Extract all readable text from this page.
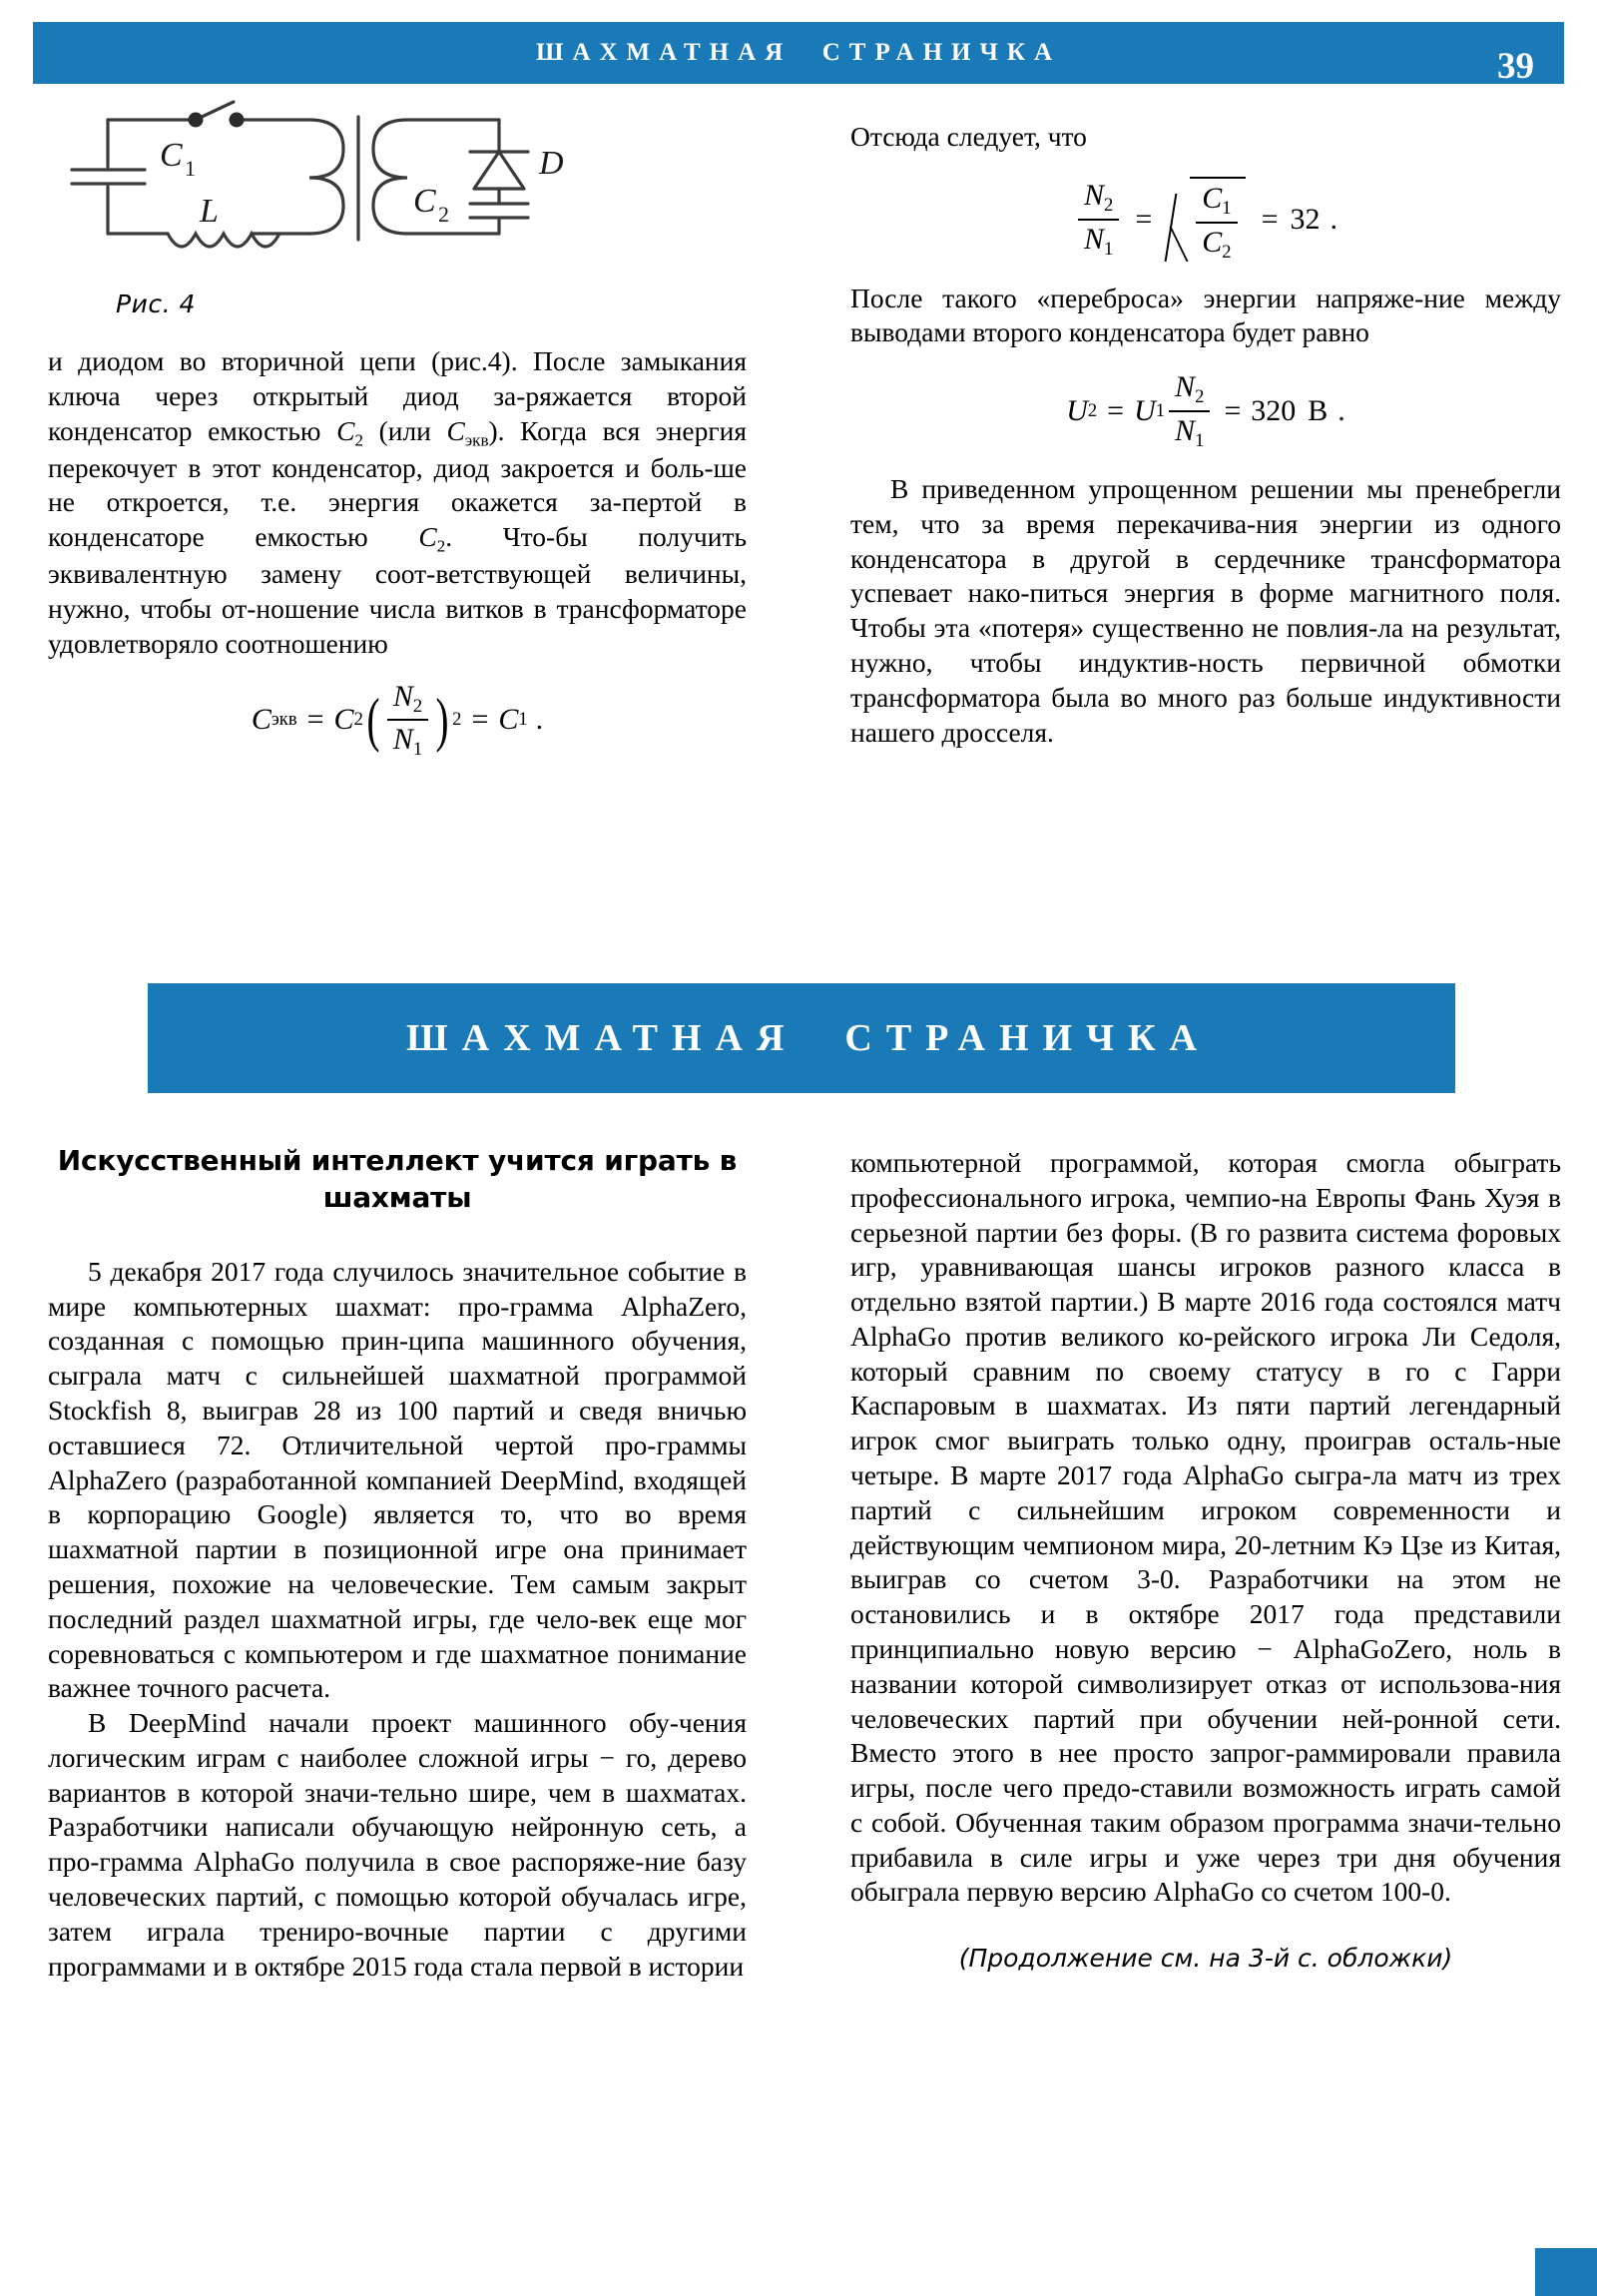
ШАХМАТНАЯ  СТРАНИЧКА	39
C 1
L	C 2
D
Рис. 4

и диодом во вторичной цепи (рис.4). После замыкания ключа через открытый диод за-ряжается второй конденсатор емкостью $C_2$ (или $C_{экв}$). Когда вся энергия перекочует в этот конденсатор, диод закроется и боль-ше не откроется, т.е. энергия окажется за-пертой в конденсаторе емкостью $C_2$. Что-бы получить эквивалентную замену соот-ветствующей величины, нужно, чтобы от-ношение числа витков в трансформаторе удовлетворяло соотношению

C экв = C 2 ( $\frac{N_2}{N_1}$ ) 2 = C 1 .

Отсюда следует, что

$\frac{N_2}{N_1} = \frac{C_1}{C_2} = 32$ .

После такого «переброса» энергии напряже-ние между выводами второго конденсатора будет равно

U 2 = U $1 \frac{N_2}{N_1} = 320$ В .

В приведенном упрощенном решении мы пренебрегли тем, что за время перекачива-ния энергии из одного конденсатора в другой в сердечнике трансформатора успевает нако-питься энергия в форме магнитного поля. Чтобы эта «потеря» существенно не повлия-ла на результат, нужно, чтобы индуктив-ность первичной обмотки трансформатора была во много раз больше индуктивности нашего дросселя.

ШАХМАТНАЯ  СТРАНИЧКА
Искусственный интеллект учится играть в шахматы

5 декабря 2017 года случилось значительное событие в мире компьютерных шахмат: про-грамма AlphaZero, созданная с помощью прин-ципа машинного обучения, сыграла матч с сильнейшей шахматной программой Stockfish 8, выиграв 28 из 100 партий и сведя вничью оставшиеся 72. Отличительной чертой про-граммы AlphaZero (разработанной компанией DeepMind, входящей в корпорацию Google) является то, что во время шахматной партии в позиционной игре она принимает решения, похожие на человеческие. Тем самым закрыт последний раздел шахматной игры, где чело-век еще мог соревноваться с компьютером и где шахматное понимание важнее точного расчета.

В DeepMind начали проект машинного обу-чения логическим играм с наиболее сложной игры − го, дерево вариантов в которой значи-тельно шире, чем в шахматах. Разработчики написали обучающую нейронную сеть, а про-грамма AlphaGo получила в свое распоряже-ние базу человеческих партий, с помощью которой обучалась игре, затем играла трениро-вочные партии с другими программами и в октябре 2015 года стала первой в истории

компьютерной программой, которая смогла обыграть профессионального игрока, чемпио-на Европы Фань Хуэя в серьезной партии без форы. (В го развита система форовых игр, уравнивающая шансы игроков разного класса в отдельно взятой партии.) В марте 2016 года состоялся матч AlphaGo против великого ко-рейского игрока Ли Седоля, который сравним по своему статусу в го с Гарри Каспаровым в шахматах. Из пяти партий легендарный игрок смог выиграть только одну, проиграв осталь-ные четыре. В марте 2017 года AlphaGo сыгра-ла матч из трех партий с сильнейшим игроком современности и действующим чемпионом мира, 20-летним Кэ Цзе из Китая, выиграв со счетом 3-0. Разработчики на этом не остановились и в октябре 2017 года представили принципиально новую версию − AlphaGoZero, ноль в названии которой символизирует отказ от использова-ния человеческих партий при обучении ней-ронной сети. Вместо этого в нее просто запрог-раммировали правила игры, после чего предо-ставили возможность играть самой с собой. Обученная таким образом программа значи-тельно прибавила в силе игры и уже через три дня обучения обыграла первую версию AlphaGo со счетом 100-0.

(Продолжение см. на 3-й с. обложки)
